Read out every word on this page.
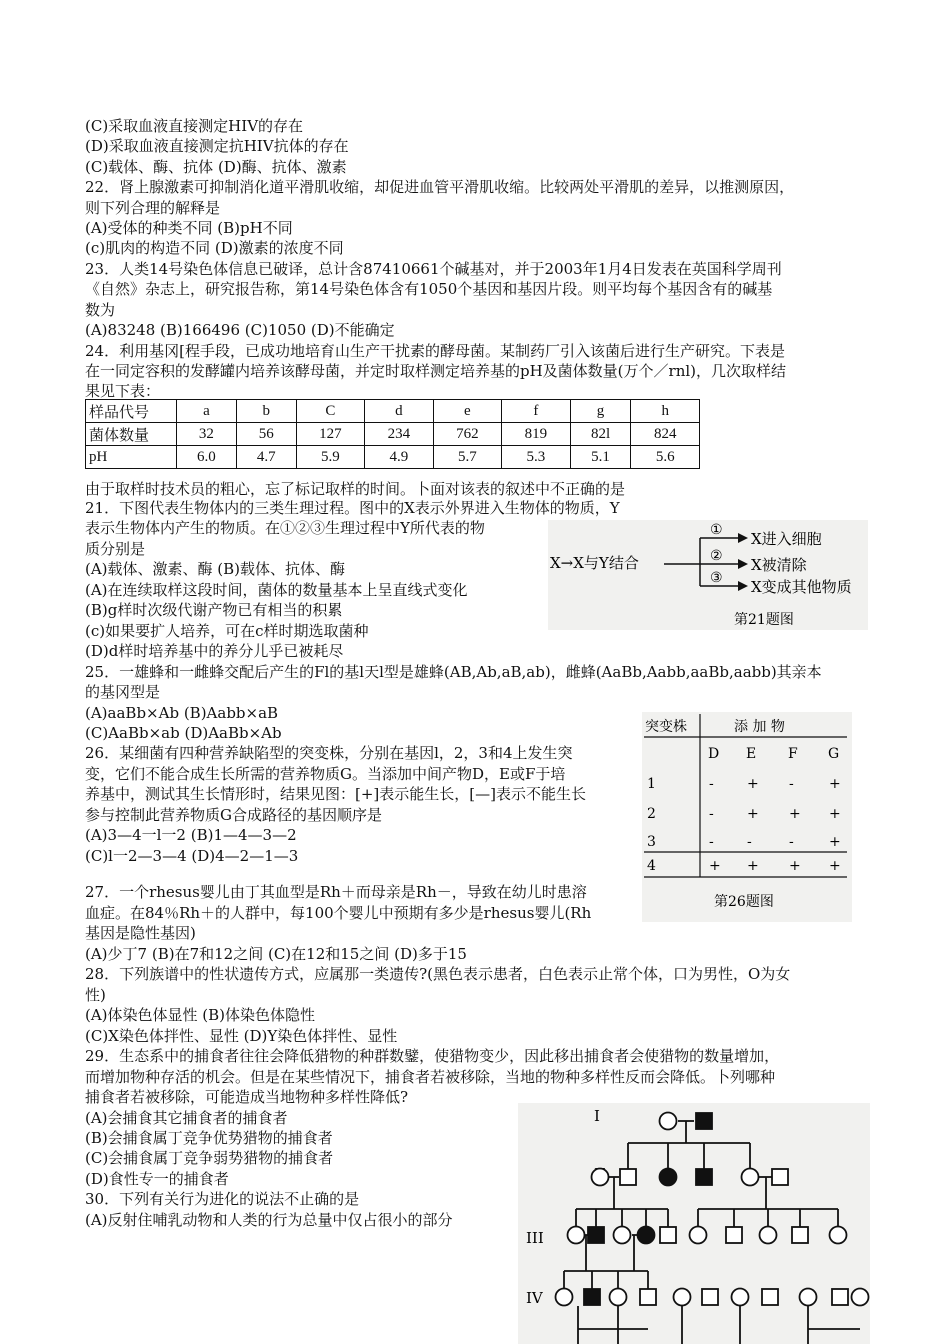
(C)采取血液直接测定HIV的存在
(D)采取血液直接测定抗HIV抗体的存在
(C)载体、酶、抗体 (D)酶、抗体、激素
22．肾上腺激素可抑制消化道平滑肌收缩，却促进血管平滑肌收缩。比较两处平滑肌的差异，以推测原因，
则下列合理的解释是
(A)受体的种类不同 (B)pH不同
(c)肌肉的构造不同 (D)激素的浓度不同
23．人类14号染色体信息已破译，总计含87410661个碱基对，并于2003年1月4日发表在英国科学周刊
《自然》杂志上，研究报告称，第14号染色体含有1050个基因和基因片段。则平均每个基因含有的碱基
数为
(A)83248 (B)166496 (C)1050 (D)不能确定
24．利用基冈[程手段，已成功地培育山生产干扰素的酵母菌。某制药厂引入该菌后进行生产研究。下表是
在一同定容积的发酵罐内培养该酵母菌，并定时取样测定培养基的pH及菌体数量(万个／rnl)，几次取样结
果见下表：
样品代号	a	b	C	d	e	f	g	h
菌体数量	32	56	127	234	762	819	82l	824
pH	6.0	4.7	5.9	4.9	5.7	5.3	5.1	5.6
由于取样时技术员的粗心，忘了标记取样的时间。卜面对该表的叙述中不正确的是
21．下图代表生物体内的三类生理过程。图中的X表示外界进入生物体的物质，Y
表示生物体内产生的物质。在①②③生理过程中Y所代表的物
质分别是
(A)载体、激素、酶 (B)载体、抗体、酶
(A)在连续取样这段时间，菌体的数量基本上呈直线式变化
(B)g样时次级代谢产物已有相当的积累
(c)如果要扩人培养，可在c样时期选取菌种
(D)d样时培养基中的养分儿乎已被耗尽
25．一雄蜂和一雌蜂交配后产生的Fl的基l天l型是雄蜂(AB,Ab,aB,ab)，雌蜂(AaBb,Aabb,aaBb,aabb)其亲本
的基冈型是
(A)aaBb×Ab (B)Aabb×aB
(C)AaBb×ab (D)AaBb×Ab
26．某细菌有四种营养缺陷型的突变株，分别在基因l，2，3和4上发生突
变，它们不能合成生长所需的营养物质G。当添加中间产物D，E或F于培
养基中，测试其生长情形时，结果见图：[+]表示能生长，[—]表示不能生长
参与控制此营养物质G合成路径的基因顺序是
(A)3—4一l一2 (B)1—4—3—2
(C)l一2—3—4 (D)4—2—1—3
27．一个rhesus婴儿由丁其血型是Rh＋而母亲是Rh－，导致在幼儿时患溶
血症。在84％Rh＋的人群中，每100个婴儿中预期有多少是rhesus婴儿(Rh
基因是隐性基因)
(A)少丁7 (B)在7和12之间 (C)在12和15之间 (D)多于15
28．下列族谱中的性状遗传方式，应属那一类遗传?(黑色表示患者，白色表示止常个体，口为男性，O为女
性)
(A)体染色体显性 (B)体染色体隐性
(C)X染色体拌性、显性 (D)Y染色体拌性、显性
29．生态系中的捕食者往往会降低猎物的种群数鐾，使猎物变少，因此移出捕食者会使猎物的数量增加，
而增加物种存活的机会。但是在某些情况下，捕食者若被移除，当地的物种多样性反而会降低。卜列哪种
捕食者若被移除，可能造成当地物种多样性降低?
(A)会捕食其它捕食者的捕食者
(B)会捕食属丁竞争优势猎物的捕食者
(C)会捕食属丁竞争弱势猎物的捕食者
(D)食性专一的捕食者
30．下列有关行为进化的说法不止确的是
(A)反射住哺乳动物和人类的行为总量中仅占很小的部分
X→X与Y结合
①
②
③
X进入细胞
X被清除
X变成其他物质
第21题图
突变株	添 加 物
第26题图
D E F G
1	- + -	+
2	- + + +
3	- -	-	+
4	+ + + +
I
III
IV
